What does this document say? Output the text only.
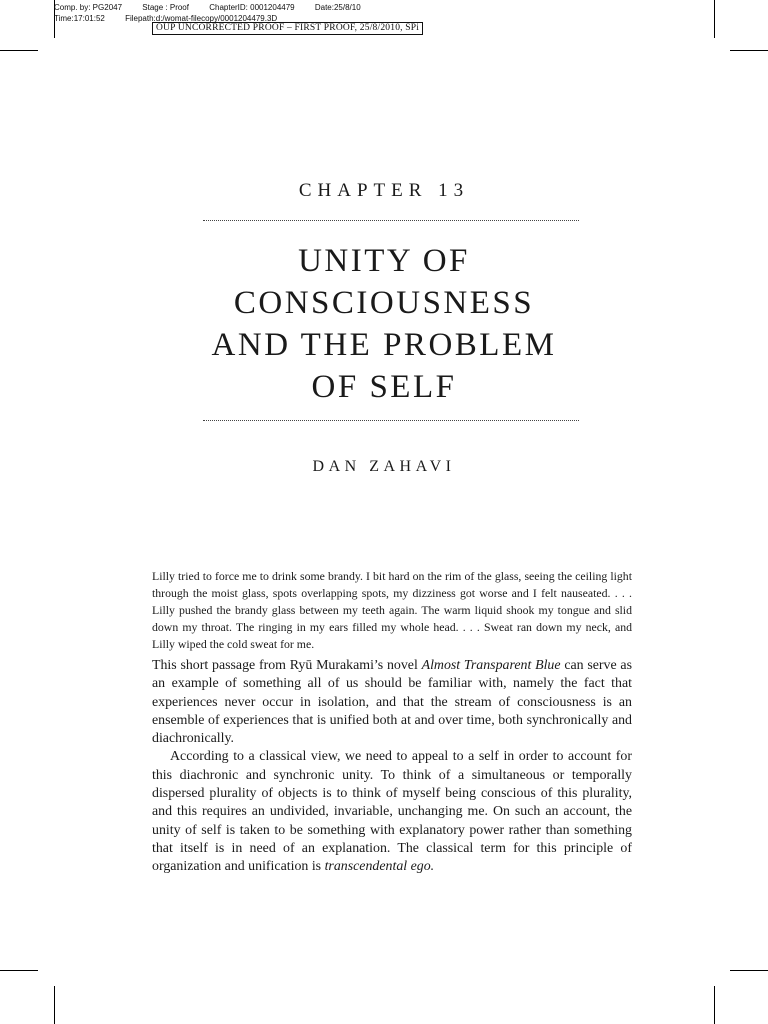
Comp. by: PG2047	Stage : Proof	ChapterID: 0001204479	Date:25/8/10
Time:17:01:52	Filepath:d:/womat-filecopy/0001204479.3D
OUP UNCORRECTED PROOF – FIRST PROOF, 25/8/2010, SPi
CHAPTER 13
UNITY OF
CONSCIOUSNESS
AND THE PROBLEM
OF SELF
DAN ZAHAVI
Lilly tried to force me to drink some brandy. I bit hard on the rim of the glass, seeing the ceiling light through the moist glass, spots overlapping spots, my dizziness got worse and I felt nauseated. . . . Lilly pushed the brandy glass between my teeth again. The warm liquid shook my tongue and slid down my throat. The ringing in my ears filled my whole head. . . . Sweat ran down my neck, and Lilly wiped the cold sweat for me.

This short passage from Ryū Murakami’s novel Almost Transparent Blue can serve as an example of something all of us should be familiar with, namely the fact that experiences never occur in isolation, and that the stream of consciousness is an ensemble of experiences that is unified both at and over time, both synchronically and diachronically.

According to a classical view, we need to appeal to a self in order to account for this diachronic and synchronic unity. To think of a simultaneous or temporally dispersed plurality of objects is to think of myself being conscious of this plurality, and this requires an undivided, invariable, unchanging me. On such an account, the unity of self is taken to be something with explanatory power rather than something that itself is in need of an explanation. The classical term for this principle of organization and unification is transcendental ego.
